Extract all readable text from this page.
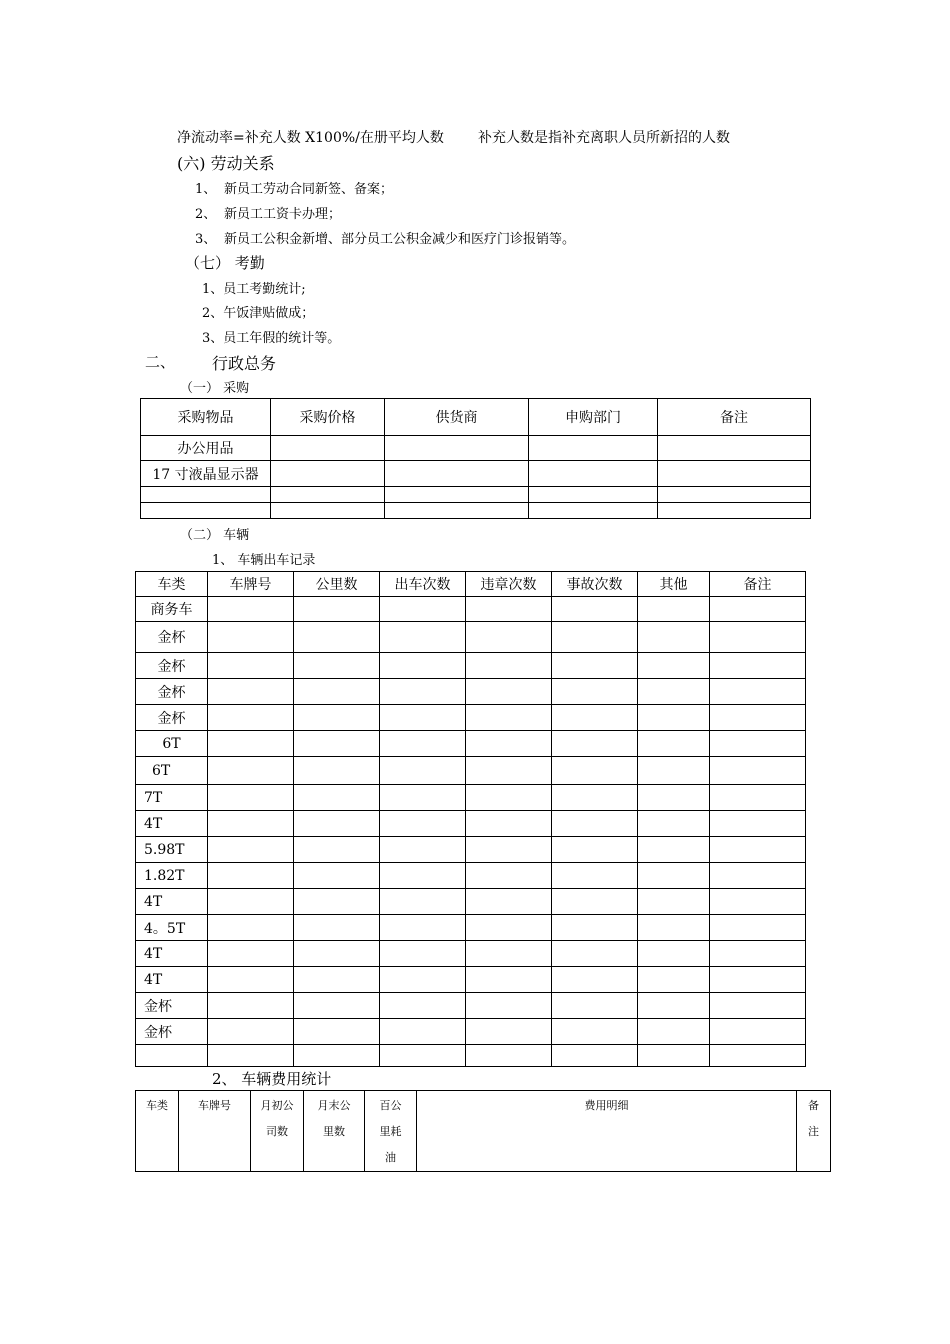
净流动率=补充人数 X100%/在册平均人数 补充人数是指补充离职人员所新招的人数
(六) 劳动关系
1、 新员工劳动合同新签、备案；
2、 新员工工资卡办理；
3、 新员工公积金新增、部分员工公积金减少和医疗门诊报销等。
（七） 考勤
1、员工考勤统计;
2、午饭津贴做成；
3、员工年假的统计等。
二、 行政总务
（一） 采购
采购物品	采购价格	供货商	申购部门	备注
办公用品				
17 寸液晶显示器				

（二） 车辆
1、 车辆出车记录
车类	车牌号	公里数	出车次数	违章次数	事故次数	其他	备注
商务车							
金杯							
金杯							
金杯							
金杯							
6T							
6T							
7T							
4T							
5.98T							
1.82T							
4T							
4。5T							
4T							
4T							
金杯							
金杯							

2、 车辆费用统计
车类	车牌号	月初公
司数	月末公
里数	百公
里耗
油	费用明细	备
注
